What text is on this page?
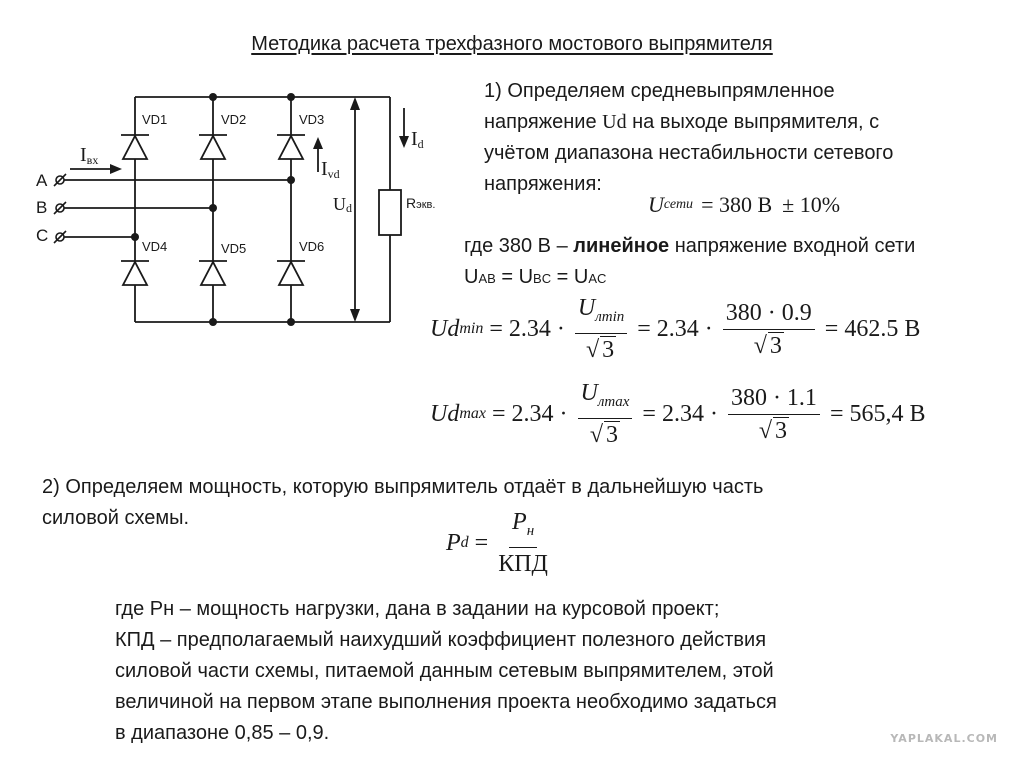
Методика расчета трехфазного мостового выпрямителя
VD1	VD2	VD3
VD4	VD5	VD6
A
B
C
Iвх	Ivd
Id
Ud	Rэкв.
1) Определяем средневыпрямленное
напряжение Ud на выходе выпрямителя, с
учётом диапазона нестабильности сетевого
напряжения:
U сети = 380 В ± 10%
где 380 В – линейное напряжение входной сети
UAB = UBC = UAC
Ud $\min = 2.34 \cdot \frac{U_{лmin}}{√ 3} = 2.34 \cdot \frac{380 \cdot 0.9}{√ 3} = 462.5$ В
Ud $\max = 2.34 \cdot \frac{U_{лmax}}{√ 3} = 2.34 \cdot \frac{380 \cdot 1.1}{√ 3} = 565,4$ В
2) Определяем мощность, которую выпрямитель отдаёт в дальнейшую часть
силовой схемы.
P $d = \frac{P_н}{\text{КПД}}$
где Рн – мощность нагрузки, дана в задании на курсовой проект;
КПД – предполагаемый наихудший коэффициент полезного действия
силовой части схемы, питаемой данным сетевым выпрямителем, этой
величиной на первом этапе выполнения проекта необходимо задаться
в диапазоне 0,85 – 0,9.	YAPLAKAL.COM
